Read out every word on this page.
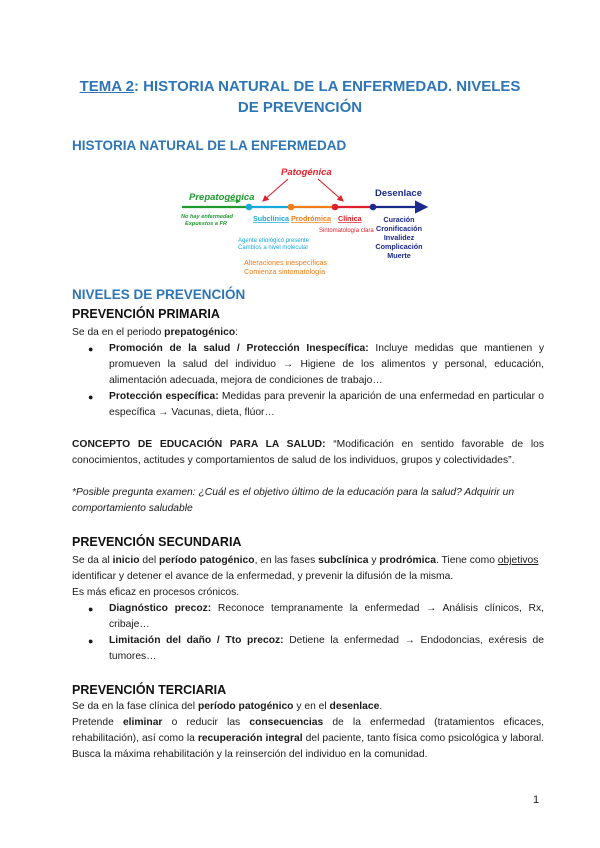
TEMA 2: HISTORIA NATURAL DE LA ENFERMEDAD. NIVELES
DE PREVENCIÓN
HISTORIA NATURAL DE LA ENFERMEDAD
Prepatogénica
Patogénica
Desenlace
No hay enfermedad
Expuestos a FR
Subclínica Prodrómica Clínica
Sintomatología clara
Agente etiológico presente
Cambios a nivel molecular
Alteraciones inespecíficas
Comienza sintomatología
Curación
Cronificación
Invalidez
Complicación
Muerte
NIVELES DE PREVENCIÓN
PREVENCIÓN PRIMARIA

Se da en el periodo prepatogénico:

● Promoción de la salud / Protección Inespecífica: Incluye medidas que mantienen y promueven la salud del individuo → Higiene de los alimentos y personal, educación, alimentación adecuada, mejora de condiciones de trabajo…
● Protección específica: Medidas para prevenir la aparición de una enfermedad en particular o específica → Vacunas, dieta, flúor…

CONCEPTO DE EDUCACIÓN PARA LA SALUD: “Modificación en sentido favorable de los conocimientos, actitudes y comportamientos de salud de los individuos, grupos y colectividades”.

*Posible pregunta examen: ¿Cuál es el objetivo último de la educación para la salud? Adquirir un comportamiento saludable

PREVENCIÓN SECUNDARIA

Se da al inicio del período patogénico, en las fases subclínica y prodrómica. Tiene como objetivos identificar y detener el avance de la enfermedad, y prevenir la difusión de la misma.

Es más eficaz en procesos crónicos.

● Diagnóstico precoz: Reconoce tempranamente la enfermedad → Análisis clínicos, Rx, cribaje…
● Limitación del daño / Tto precoz: Detiene la enfermedad → Endodoncias, exéresis de tumores…
PREVENCIÓN TERCIARIA

Se da en la fase clínica del período patogénico y en el desenlace.

Pretende eliminar o reducir las consecuencias de la enfermedad (tratamientos eficaces, rehabilitación), así como la recuperación integral del paciente, tanto física como psicológica y laboral. Busca la máxima rehabilitación y la reinserción del individuo en la comunidad.

1
